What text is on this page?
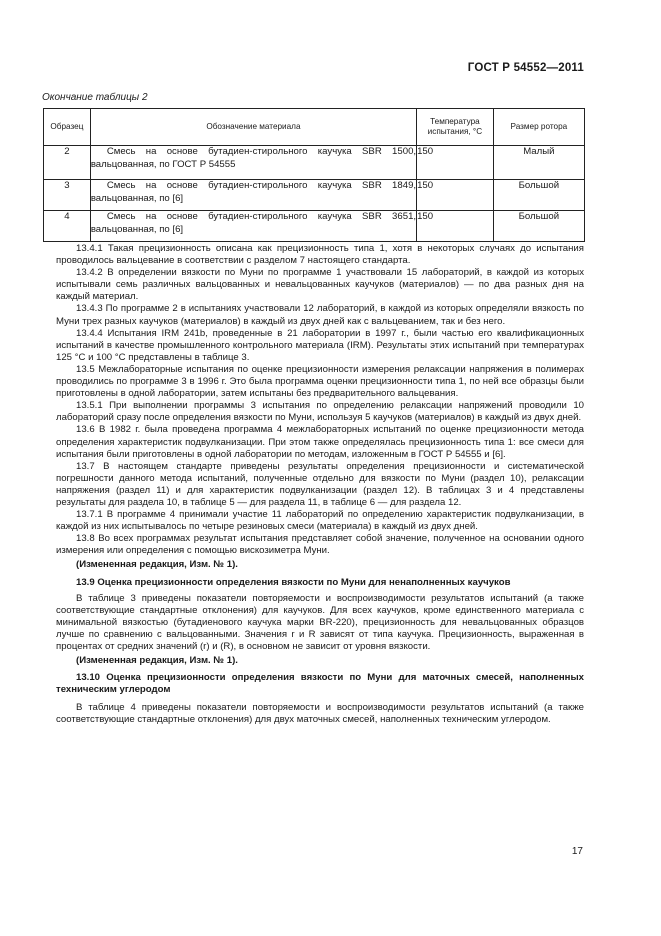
ГОСТ Р 54552—2011
Окончание таблицы 2
Образец	Обозначение материала	Температура испытания, °С	Размер ротора
2	Смесь на основе бутадиен-стирольного каучука SBR 1500, вальцованная, по ГОСТ Р 54555	150	Малый
3	Смесь на основе бутадиен-стирольного каучука SBR 1849, вальцованная, по [6]	150	Большой
4	Смесь на основе бутадиен-стирольного каучука SBR 3651, вальцованная, по [6]	150	Большой

13.4.1 Такая прецизионность описана как прецизионность типа 1, хотя в некоторых случаях до испытания проводилось вальцевание в соответствии с разделом 7 настоящего стандарта.

13.4.2 В определении вязкости по Муни по программе 1 участвовали 15 лабораторий, в каждой из которых испытывали семь различных вальцованных и невальцованных каучуков (материалов) — по два разных дня на каждый материал.

13.4.3 По программе 2 в испытаниях участвовали 12 лабораторий, в каждой из которых определяли вязкость по Муни трех разных каучуков (материалов) в каждый из двух дней как с вальцеванием, так и без него.

13.4.4 Испытания IRM 241b, проведенные в 21 лаборатории в 1997 г., были частью его квалификационных испытаний в качестве промышленного контрольного материала (IRM). Результаты этих испытаний при температурах 125 °С и 100 °С представлены в таблице 3.

13.5 Межлабораторные испытания по оценке прецизионности измерения релаксации напряжения в полимерах проводились по программе 3 в 1996 г. Это была программа оценки прецизионности типа 1, по ней все образцы были приготовлены в одной лаборатории, затем испытаны без предварительного вальцевания.

13.5.1 При выполнении программы 3 испытания по определению релаксации напряжений проводили 10 лабораторий сразу после определения вязкости по Муни, используя 5 каучуков (материалов) в каждый из двух дней.

13.6 В 1982 г. была проведена программа 4 межлабораторных испытаний по оценке прецизионности метода определения характеристик подвулканизации. При этом также определялась прецизионность типа 1: все смеси для испытания были приготовлены в одной лаборатории по методам, изложенным в ГОСТ Р 54555 и [6].

13.7 В настоящем стандарте приведены результаты определения прецизионности и систематической погрешности данного метода испытаний, полученные отдельно для вязкости по Муни (раздел 10), релаксации напряжения (раздел 11) и для характеристик подвулканизации (раздел 12). В таблицах 3 и 4 представлены результаты для раздела 10, в таблице 5 — для раздела 11, в таблице 6 — для раздела 12.

13.7.1 В программе 4 принимали участие 11 лабораторий по определению характеристик подвулканизации, в каждой из них испытывалось по четыре резиновых смеси (материала) в каждый из двух дней.

13.8 Во всех программах результат испытания представляет собой значение, полученное на основании одного измерения или определения с помощью вискозиметра Муни.

(Измененная редакция, Изм. № 1).

13.9 Оценка прецизионности определения вязкости по Муни для ненаполненных каучуков

В таблице 3 приведены показатели повторяемости и воспроизводимости результатов испытаний (а также соответствующие стандартные отклонения) для каучуков. Для всех каучуков, кроме единственного материала с минимальной вязкостью (бутадиенового каучука марки BR-220), прецизионность для невальцованных образцов лучше по сравнению с вальцованными. Значения r и R зависят от типа каучука. Прецизионность, выраженная в процентах от средних значений (r) и (R), в основном не зависит от уровня вязкости.

(Измененная редакция, Изм. № 1).

13.10 Оценка прецизионности определения вязкости по Муни для маточных смесей, наполненных техническим углеродом

В таблице 4 приведены показатели повторяемости и воспроизводимости результатов испытаний (а также соответствующие стандартные отклонения) для двух маточных смесей, наполненных техническим углеродом.

17
